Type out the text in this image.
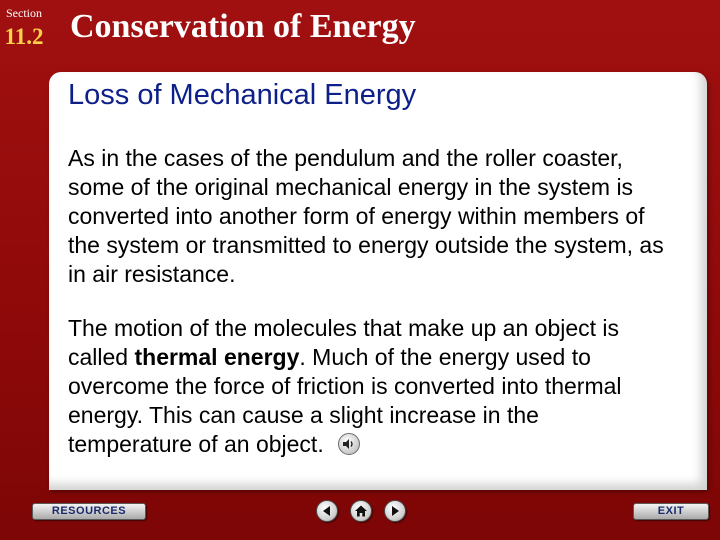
Section
11.2 Conservation of Energy
Loss of Mechanical Energy
As in the cases of the pendulum and the roller coaster, some of the original mechanical energy in the system is converted into another form of energy within members of the system or transmitted to energy outside the system, as in air resistance.
The motion of the molecules that make up an object is called thermal energy. Much of the energy used to overcome the force of friction is converted into thermal energy. This can cause a slight increase in the temperature of an object.
RESOURCES	EXIT
